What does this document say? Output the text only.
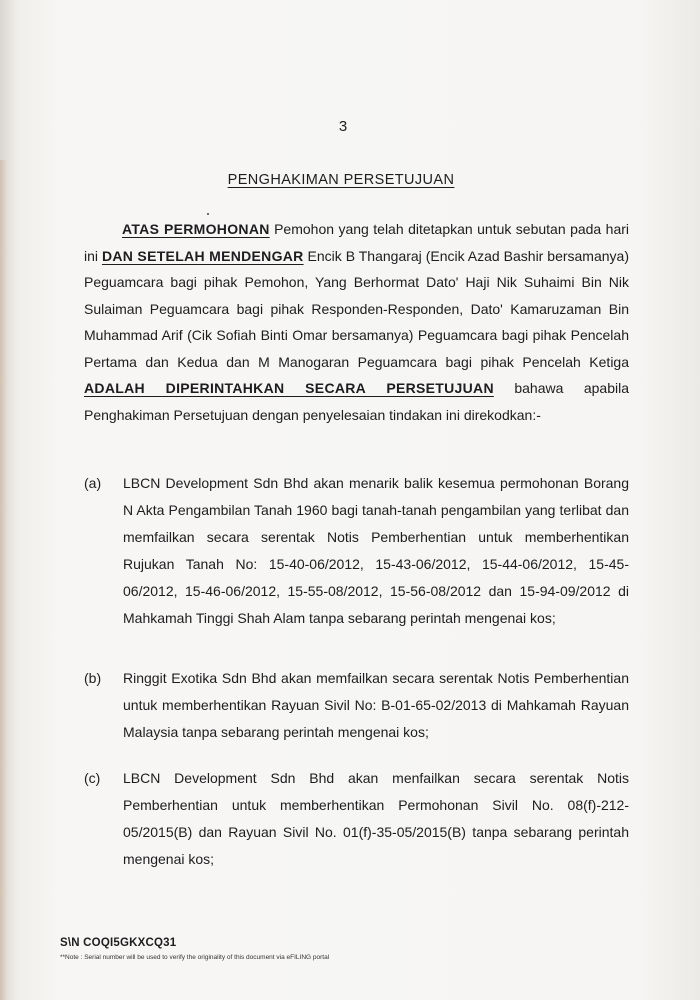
3
PENGHAKIMAN PERSETUJUAN
ATAS PERMOHONAN Pemohon yang telah ditetapkan untuk sebutan pada hari ini DAN SETELAH MENDENGAR Encik B Thangaraj (Encik Azad Bashir bersamanya) Peguamcara bagi pihak Pemohon, Yang Berhormat Dato' Haji Nik Suhaimi Bin Nik Sulaiman Peguamcara bagi pihak Responden-Responden, Dato' Kamaruzaman Bin Muhammad Arif (Cik Sofiah Binti Omar bersamanya) Peguamcara bagi pihak Pencelah Pertama dan Kedua dan M Manogaran Peguamcara bagi pihak Pencelah Ketiga ADALAH DIPERINTAHKAN SECARA PERSETUJUAN bahawa apabila Penghakiman Persetujuan dengan penyelesaian tindakan ini direkodkan:-
(a)	LBCN Development Sdn Bhd akan menarik balik kesemua permohonan Borang N Akta Pengambilan Tanah 1960 bagi tanah-tanah pengambilan yang terlibat dan memfailkan secara serentak Notis Pemberhentian untuk memberhentikan Rujukan Tanah No: 15-40-06/2012, 15-43-06/2012, 15-44-06/2012, 15-45-06/2012, 15-46-06/2012, 15-55-08/2012, 15-56-08/2012 dan 15-94-09/2012 di Mahkamah Tinggi Shah Alam tanpa sebarang perintah mengenai kos;
(b)	Ringgit Exotika Sdn Bhd akan memfailkan secara serentak Notis Pemberhentian untuk memberhentikan Rayuan Sivil No: B-01-65-02/2013 di Mahkamah Rayuan Malaysia tanpa sebarang perintah mengenai kos;
(c)	LBCN Development Sdn Bhd akan menfailkan secara serentak Notis Pemberhentian untuk memberhentikan Permohonan Sivil No. 08(f)-212-05/2015(B) dan Rayuan Sivil No. 01(f)-35-05/2015(B) tanpa sebarang perintah mengenai kos;
S\N COQI5GKXCQ31
**Note : Serial number will be used to verify the originality of this document via eFILING portal
